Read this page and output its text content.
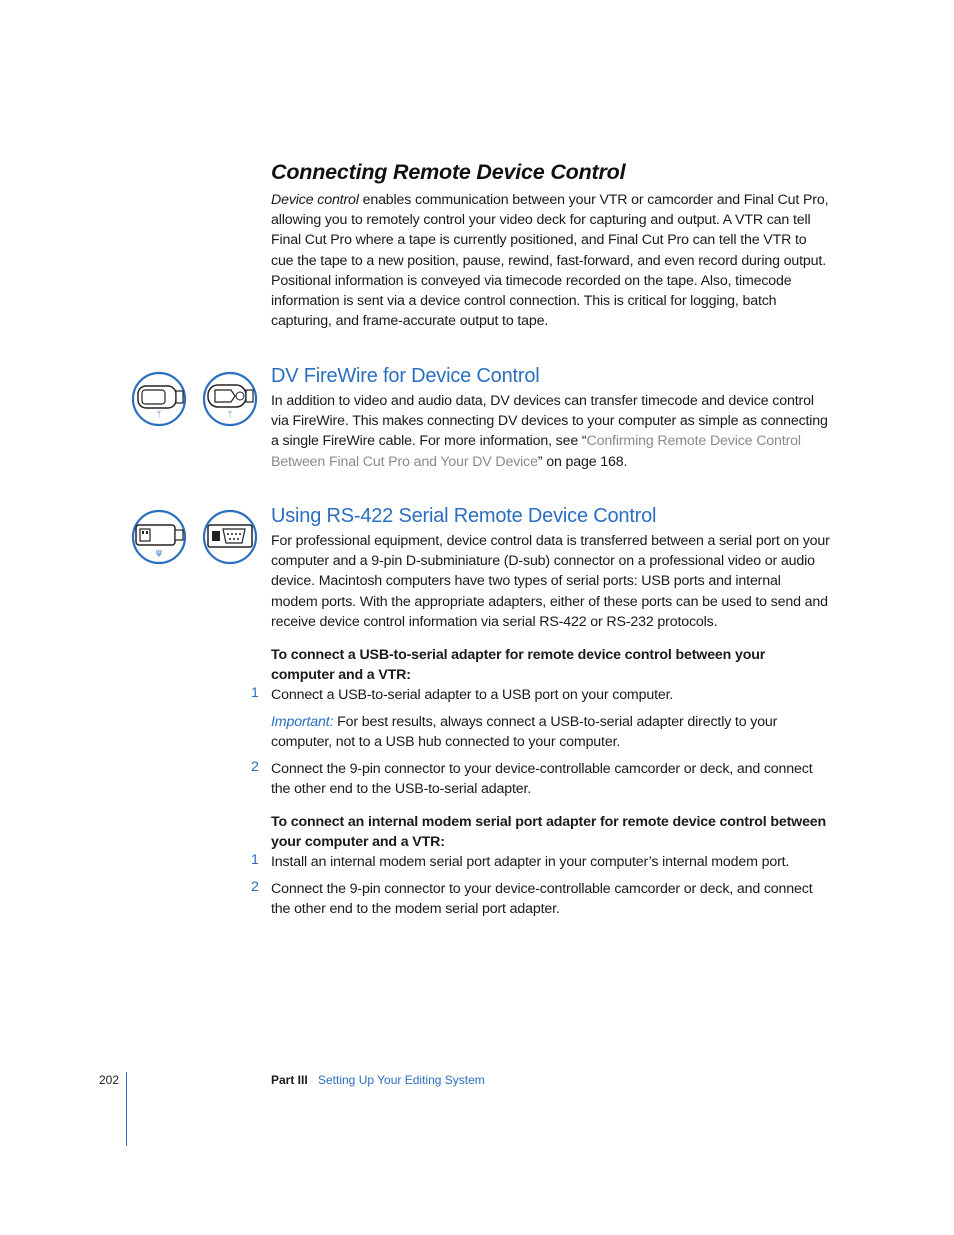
Connecting Remote Device Control
Device control enables communication between your VTR or camcorder and Final Cut Pro, allowing you to remotely control your video deck for capturing and output. A VTR can tell Final Cut Pro where a tape is currently positioned, and Final Cut Pro can tell the VTR to cue the tape to a new position, pause, rewind, fast-forward, and even record during output. Positional information is conveyed via timecode recorded on the tape. Also, timecode information is sent via a device control connection. This is critical for logging, batch capturing, and frame-accurate output to tape.
ᛉ	ᛉ
DV FireWire for Device Control
In addition to video and audio data, DV devices can transfer timecode and device control via FireWire. This makes connecting DV devices to your computer as simple as connecting a single FireWire cable. For more information, see “Confirming Remote Device Control Between Final Cut Pro and Your DV Device” on page 168.
ψ
Using RS-422 Serial Remote Device Control
For professional equipment, device control data is transferred between a serial port on your computer and a 9-pin D-subminiature (D-sub) connector on a professional video or audio device. Macintosh computers have two types of serial ports: USB ports and internal modem ports. With the appropriate adapters, either of these ports can be used to send and receive device control information via serial RS-422 or RS-232 protocols.
To connect a USB-to-serial adapter for remote device control between your computer and a VTR:
1 Connect a USB-to-serial adapter to a USB port on your computer.
Important: For best results, always connect a USB-to-serial adapter directly to your computer, not to a USB hub connected to your computer.
2 Connect the 9-pin connector to your device-controllable camcorder or deck, and connect the other end to the USB-to-serial adapter.
To connect an internal modem serial port adapter for remote device control between your computer and a VTR:
1 Install an internal modem serial port adapter in your computer’s internal modem port.
2 Connect the 9-pin connector to your device-controllable camcorder or deck, and connect the other end to the modem serial port adapter.
202	Part III Setting Up Your Editing System
